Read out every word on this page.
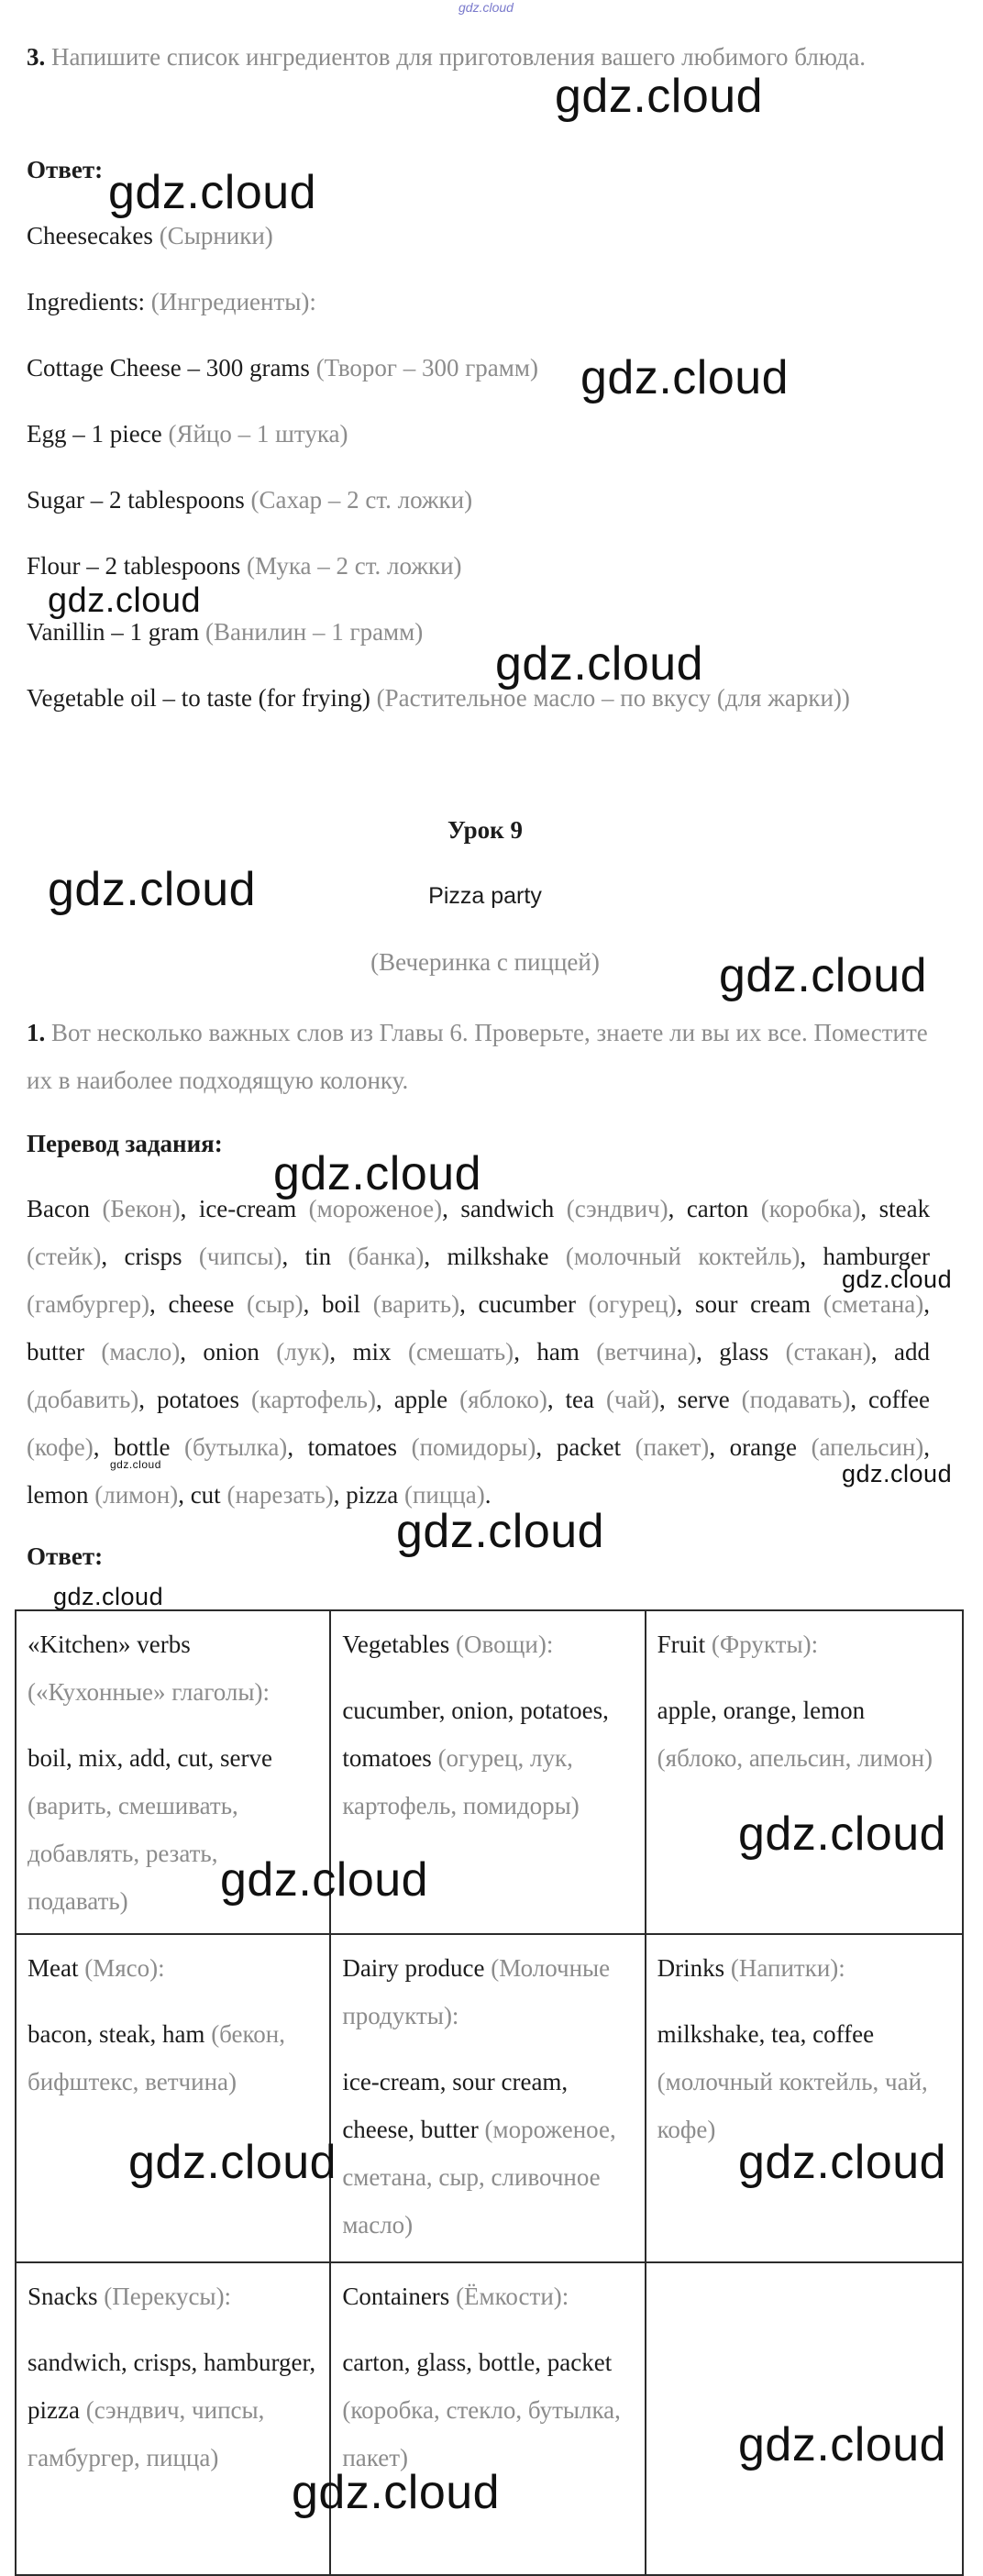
gdz.cloud
3. Напишите список ингредиентов для приготовления вашего любимого блюда.
Ответ:
Cheesecakes (Сырники)
Ingredients: (Ингредиенты):
Cottage Cheese – 300 grams (Творог – 300 грамм)
Egg – 1 piece (Яйцо – 1 штука)
Sugar – 2 tablespoons (Сахар – 2 ст. ложки)
Flour – 2 tablespoons (Мука – 2 ст. ложки)
Vanillin – 1 gram (Ванилин – 1 грамм)
Vegetable oil – to taste (for frying) (Растительное масло – по вкусу (для жарки))
Урок 9
Pizza party
(Вечеринка с пиццей)
1. Вот несколько важных слов из Главы 6. Проверьте, знаете ли вы их все. Поместите их в наиболее подходящую колонку.
Перевод задания:
Bacon (Бекон), ice-cream (мороженое), sandwich (сэндвич), carton (коробка), steak (стейк), crisps (чипсы), tin (банка), milkshake (молочный коктейль), hamburger (гамбургер), cheese (сыр), boil (варить), cucumber (огурец), sour cream (сметана), butter (масло), onion (лук), mix (смешать), ham (ветчина), glass (стакан), add (добавить), potatoes (картофель), apple (яблоко), tea (чай), serve (подавать), coffee (кофе), bottle (бутылка), tomatoes (помидоры), packet (пакет), orange (апельсин), lemon (лимон), cut (нарезать), pizza (пицца).
Ответ:
«Kitchen» verbs («Кухонные» глаголы):
boil, mix, add, cut, serve (варить, смешивать, добавлять, резать, подавать)
Vegetables (Овощи):
cucumber, onion, potatoes, tomatoes (огурец, лук, картофель, помидоры)
Fruit (Фрукты):
apple, orange, lemon (яблоко, апельсин, лимон)
Meat (Мясо):
bacon, steak, ham (бекон, бифштекс, ветчина)
Dairy produce (Молочные продукты):
ice-cream, sour cream, cheese, butter (мороженое, сметана, сыр, сливочное масло)
Drinks (Напитки):
milkshake, tea, coffee (молочный коктейль, чай, кофе)
Snacks (Перекусы):
sandwich, crisps, hamburger, pizza (сэндвич, чипсы, гамбургер, пицца)
Containers (Ёмкости):
carton, glass, bottle, packet (коробка, стекло, бутылка, пакет)
gdz.cloud
gdz.cloud
gdz.cloud
gdz.cloud
gdz.cloud
gdz.cloud
gdz.cloud
gdz.cloud
gdz.cloud
gdz.cloud	gdz.cloud
gdz.cloud
gdz.cloud
gdz.cloud
gdz.cloud
gdz.cloud	gdz.cloud
gdz.cloud
gdz.cloud
